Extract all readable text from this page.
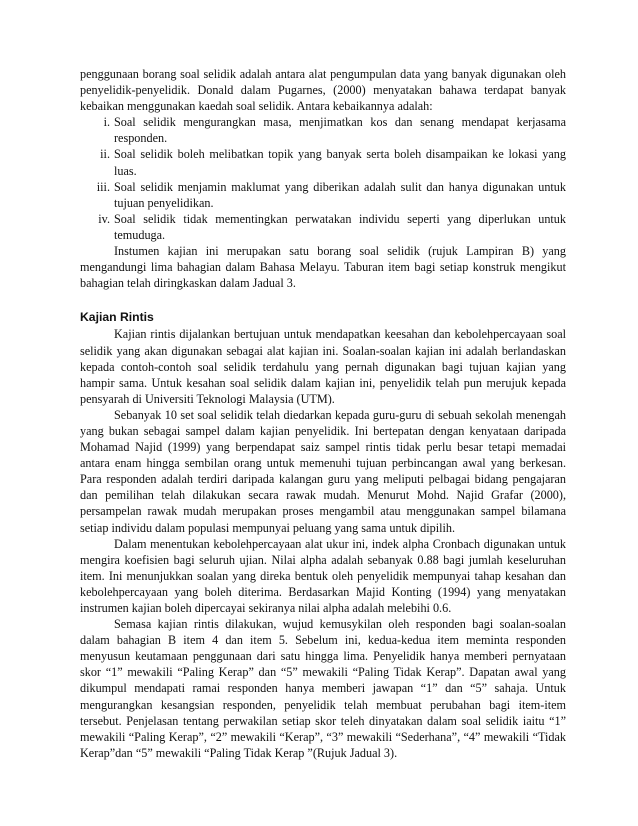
penggunaan borang soal selidik adalah antara alat pengumpulan data yang banyak digunakan oleh penyelidik-penyelidik. Donald dalam Pugarnes, (2000) menyatakan bahawa terdapat banyak kebaikan menggunakan kaedah soal selidik. Antara kebaikannya adalah:

i. Soal selidik mengurangkan masa, menjimatkan kos dan senang mendapat kerjasama responden.
ii. Soal selidik boleh melibatkan topik yang banyak serta boleh disampaikan ke lokasi yang luas.
iii. Soal selidik menjamin maklumat yang diberikan adalah sulit dan hanya digunakan untuk tujuan penyelidikan.
iv. Soal selidik tidak mementingkan perwatakan individu seperti yang diperlukan untuk temuduga.

Instumen kajian ini merupakan satu borang soal selidik (rujuk Lampiran B) yang mengandungi lima bahagian dalam Bahasa Melayu. Taburan item bagi setiap konstruk mengikut bahagian telah diringkaskan dalam Jadual 3.

Kajian Rintis

Kajian rintis dijalankan bertujuan untuk mendapatkan keesahan dan kebolehpercayaan soal selidik yang akan digunakan sebagai alat kajian ini. Soalan-soalan kajian ini adalah berlandaskan kepada contoh-contoh soal selidik terdahulu yang pernah digunakan bagi tujuan kajian yang hampir sama. Untuk kesahan soal selidik dalam kajian ini, penyelidik telah pun merujuk kepada pensyarah di Universiti Teknologi Malaysia (UTM).

Sebanyak 10 set soal selidik telah diedarkan kepada guru-guru di sebuah sekolah menengah yang bukan sebagai sampel dalam kajian penyelidik. Ini bertepatan dengan kenyataan daripada Mohamad Najid (1999) yang berpendapat saiz sampel rintis tidak perlu besar tetapi memadai antara enam hingga sembilan orang untuk memenuhi tujuan perbincangan awal yang berkesan. Para responden adalah terdiri daripada kalangan guru yang meliputi pelbagai bidang pengajaran dan pemilihan telah dilakukan secara rawak mudah. Menurut Mohd. Najid Grafar (2000), persampelan rawak mudah merupakan proses mengambil atau menggunakan sampel bilamana setiap individu dalam populasi mempunyai peluang yang sama untuk dipilih.

Dalam menentukan kebolehpercayaan alat ukur ini, indek alpha Cronbach digunakan untuk mengira koefisien bagi seluruh ujian. Nilai alpha adalah sebanyak 0.88 bagi jumlah keseluruhan item. Ini menunjukkan soalan yang direka bentuk oleh penyelidik mempunyai tahap kesahan dan kebolehpercayaan yang boleh diterima. Berdasarkan Majid Konting (1994) yang menyatakan instrumen kajian boleh dipercayai sekiranya nilai alpha adalah melebihi 0.6.

Semasa kajian rintis dilakukan, wujud kemusykilan oleh responden bagi soalan-soalan dalam bahagian B item 4 dan item 5. Sebelum ini, kedua-kedua item meminta responden menyusun keutamaan penggunaan dari satu hingga lima. Penyelidik hanya memberi pernyataan skor “1” mewakili “Paling Kerap” dan “5” mewakili “Paling Tidak Kerap”. Dapatan awal yang dikumpul mendapati ramai responden hanya memberi jawapan “1” dan “5” sahaja. Untuk mengurangkan kesangsian responden, penyelidik telah membuat perubahan bagi item-item tersebut. Penjelasan tentang perwakilan setiap skor teleh dinyatakan dalam soal selidik iaitu “1” mewakili “Paling Kerap”, “2” mewakili “Kerap”, “3” mewakili “Sederhana”, “4” mewakili “Tidak Kerap”dan “5” mewakili “Paling Tidak Kerap ”(Rujuk Jadual 3).
